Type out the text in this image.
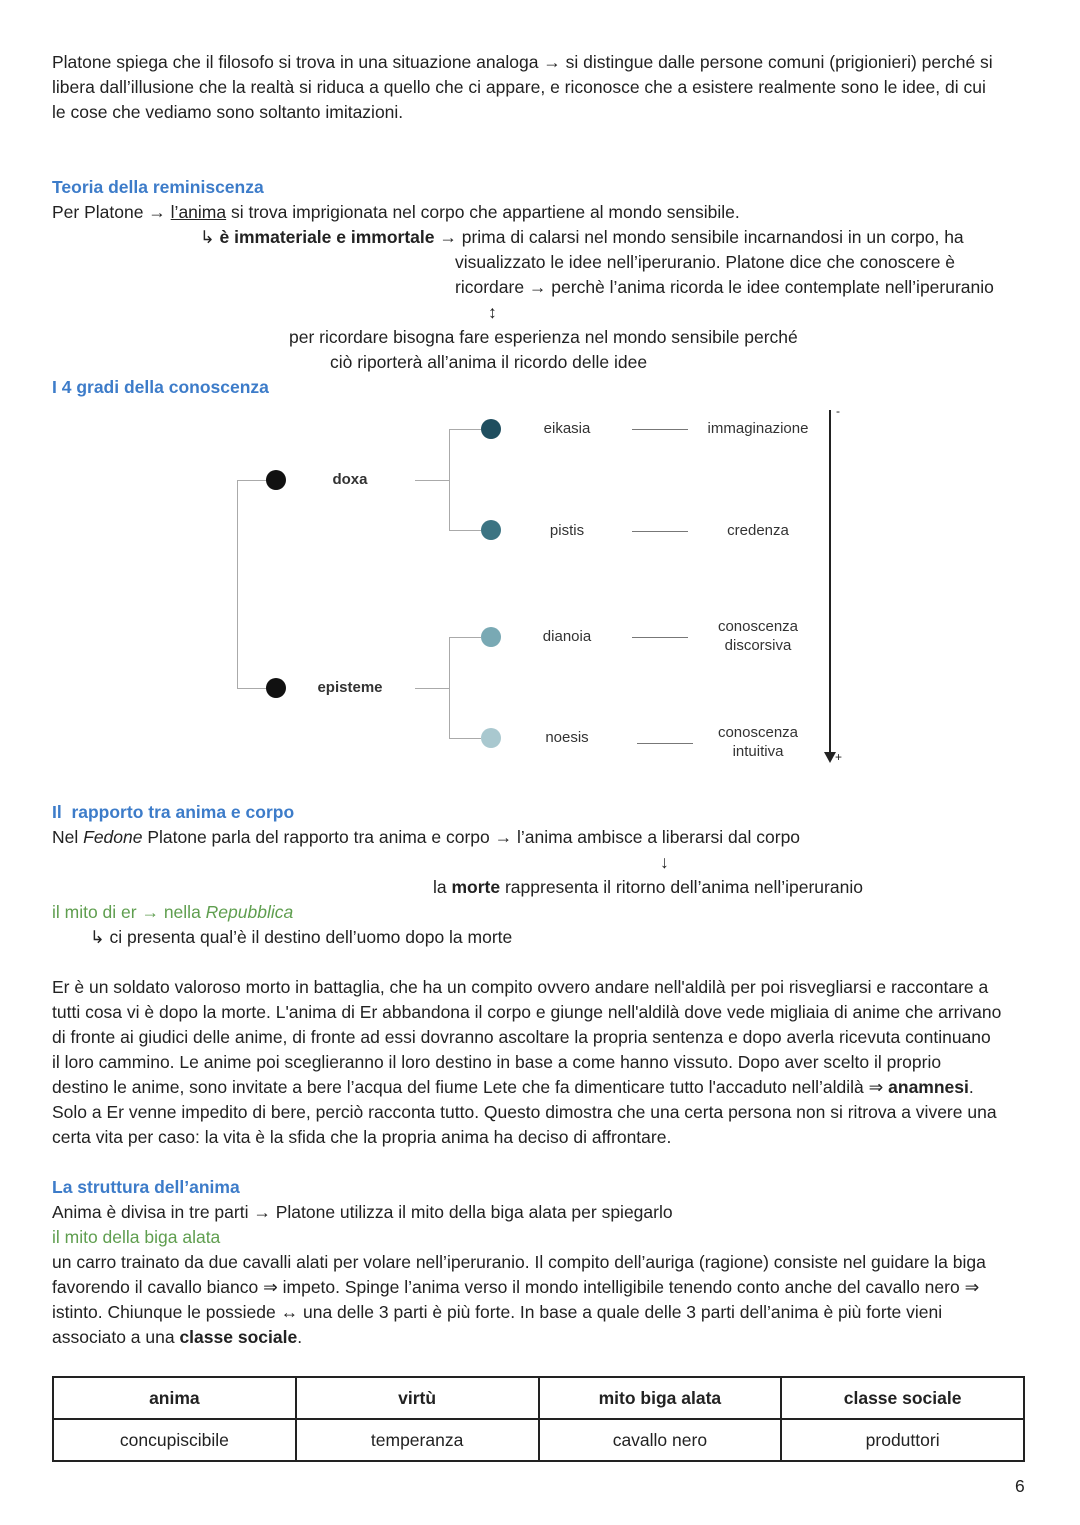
Platone spiega che il filosofo si trova in una situazione analoga → si distingue dalle persone comuni (prigionieri) perché si
libera dall’illusione che la realtà si riduca a quello che ci appare, e riconosce che a esistere realmente sono le idee, di cui
le cose che vediamo sono soltanto imitazioni.
Teoria della reminiscenza
Per Platone → l’anima si trova imprigionata nel corpo che appartiene al mondo sensibile.
↳ è immateriale e immortale → prima di calarsi nel mondo sensibile incarnandosi in un corpo, ha
visualizzato le idee nell’iperuranio. Platone dice che conoscere è
ricordare → perchè l’anima ricorda le idee contemplate nell’iperuranio
↕
per ricordare bisogna fare esperienza nel mondo sensibile perché
ciò riporterà all’anima il ricordo delle idee
I 4 gradi della conoscenza
doxa
episteme
eikasia
pistis
dianoia
noesis
immaginazione
credenza
conoscenza discorsiva
conoscenza intuitiva
-
+
Il  rapporto tra anima e corpo
Nel Fedone Platone parla del rapporto tra anima e corpo → l’anima ambisce a liberarsi dal corpo
↓
la morte rappresenta il ritorno dell’anima nell’iperuranio
il mito di er → nella Repubblica
↳ ci presenta qual’è il destino dell’uomo dopo la morte
Er è un soldato valoroso morto in battaglia, che ha un compito ovvero andare nell'aldilà per poi risvegliarsi e raccontare a
tutti cosa vi è dopo la morte. L'anima di Er abbandona il corpo e giunge nell'aldilà dove vede migliaia di anime che arrivano
di fronte ai giudici delle anime, di fronte ad essi dovranno ascoltare la propria sentenza e dopo averla ricevuta continuano
il loro cammino. Le anime poi sceglieranno il loro destino in base a come hanno vissuto. Dopo aver scelto il proprio
destino le anime, sono invitate a bere l’acqua del fiume Lete che fa dimenticare tutto l'accaduto nell’aldilà ⇒ anamnesi.
Solo a Er venne impedito di bere, perciò racconta tutto. Questo dimostra che una certa persona non si ritrova a vivere una
certa vita per caso: la vita è la sfida che la propria anima ha deciso di affrontare.
La struttura dell’anima
Anima è divisa in tre parti → Platone utilizza il mito della biga alata per spiegarlo
il mito della biga alata
un carro trainato da due cavalli alati per volare nell’iperuranio. Il compito dell’auriga (ragione) consiste nel guidare la biga
favorendo il cavallo bianco ⇒ impeto. Spinge l’anima verso il mondo intelligibile tenendo conto anche del cavallo nero ⇒
istinto. Chiunque le possiede ↔ una delle 3 parti è più forte. In base a quale delle 3 parti dell’anima è più forte vieni
associato a una classe sociale.
anima	virtù	mito biga alata	classe sociale
concupiscibile	temperanza	cavallo nero	produttori
6
